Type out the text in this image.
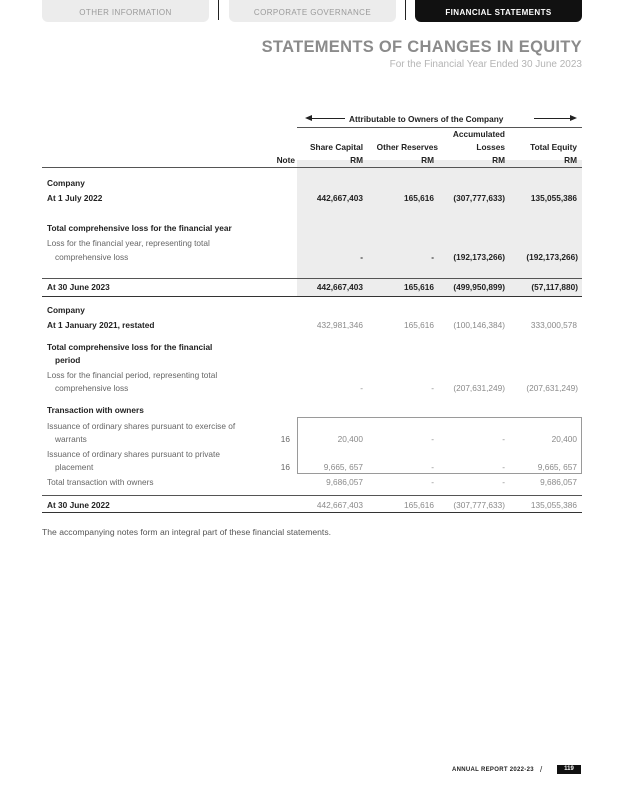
OTHER INFORMATION	CORPORATE GOVERNANCE	FINANCIAL STATEMENTS
STATEMENTS OF CHANGES IN EQUITY
For the Financial Year Ended 30 June 2023
Attributable to Owners of the Company
Accumulated
Share Capital	Other Reserves	Losses	Total Equity
Note	RM	RM	RM	RM
Company
At 1 July 2022	442,667,403	165,616	(307,777,633)	135,055,386
Total comprehensive loss for the financial year
Loss for the financial year, representing total
comprehensive loss	-	-	(192,173,266)	(192,173,266)
At 30 June 2023	442,667,403	165,616	(499,950,899)	(57,117,880)
Company
At 1 January 2021, restated	432,981,346	165,616	(100,146,384)	333,000,578
Total comprehensive loss for the financial
period
Loss for the financial period, representing total
comprehensive loss	-	-	(207,631,249)	(207,631,249)
Transaction with owners
Issuance of ordinary shares pursuant to exercise of
warrants	16	20,400	-	-	20,400
Issuance of ordinary shares pursuant to private
placement	16	9,665, 657	-	-	9,665, 657
Total transaction with owners	9,686,057	-	-	9,686,057
At 30 June 2022	442,667,403	165,616	(307,777,633)	135,055,386
The accompanying notes form an integral part of these financial statements.
ANNUAL REPORT 2022-23 /	119
